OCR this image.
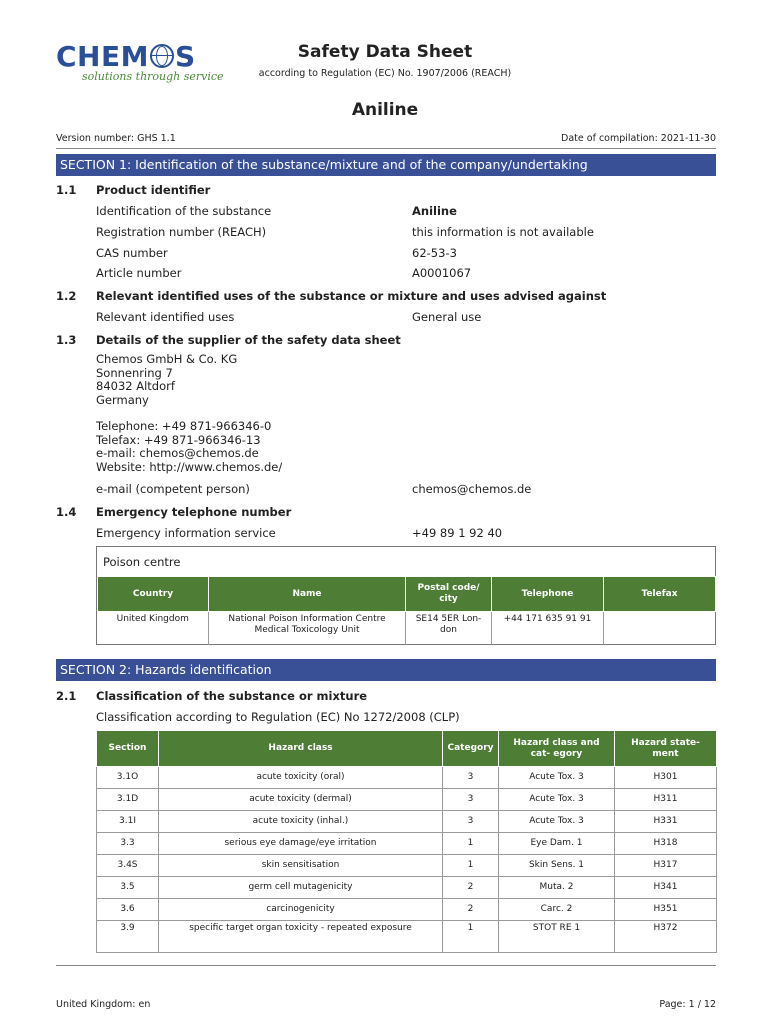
CHEM S
solutions through service
Safety Data Sheet
according to Regulation (EC) No. 1907/2006 (REACH)
Aniline
Version number: GHS 1.1	Date of compilation: 2021-11-30
SECTION 1: Identification of the substance/mixture and of the company/undertaking
1.1 Product identifier
Identification of the substance	Aniline
Registration number (REACH)	this information is not available
CAS number	62-53-3
Article number	A0001067
1.2 Relevant identified uses of the substance or mixture and uses advised against
Relevant identified uses	General use
1.3 Details of the supplier of the safety data sheet
Chemos GmbH & Co. KG
Sonnenring 7
84032 Altdorf
Germany
Telephone: +49 871-966346-0
Telefax: +49 871-966346-13
e-mail: chemos@chemos.de
Website: http://www.chemos.de/
e-mail (competent person)	chemos@chemos.de
1.4 Emergency telephone number
Emergency information service	+49 89 1 92 40
Poison centre
Country	Name	Postal code/ city	Telephone	Telefax
United Kingdom	National Poison Information Centre Medical Toxicology Unit	SE14 5ER Lon- don	+44 171 635 91 91	
SECTION 2: Hazards identification
2.1 Classification of the substance or mixture
Classification according to Regulation (EC) No 1272/2008 (CLP)
Section	Hazard class	Category	Hazard class and cat- egory	Hazard state- ment
3.1O	acute toxicity (oral)	3	Acute Tox. 3	H301
3.1D	acute toxicity (dermal)	3	Acute Tox. 3	H311
3.1I	acute toxicity (inhal.)	3	Acute Tox. 3	H331
3.3	serious eye damage/eye irritation	1	Eye Dam. 1	H318
3.4S	skin sensitisation	1	Skin Sens. 1	H317
3.5	germ cell mutagenicity	2	Muta. 2	H341
3.6	carcinogenicity	2	Carc. 2	H351
3.9	specific target organ toxicity - repeated exposure	1	STOT RE 1	H372
United Kingdom: en	Page: 1 / 12
